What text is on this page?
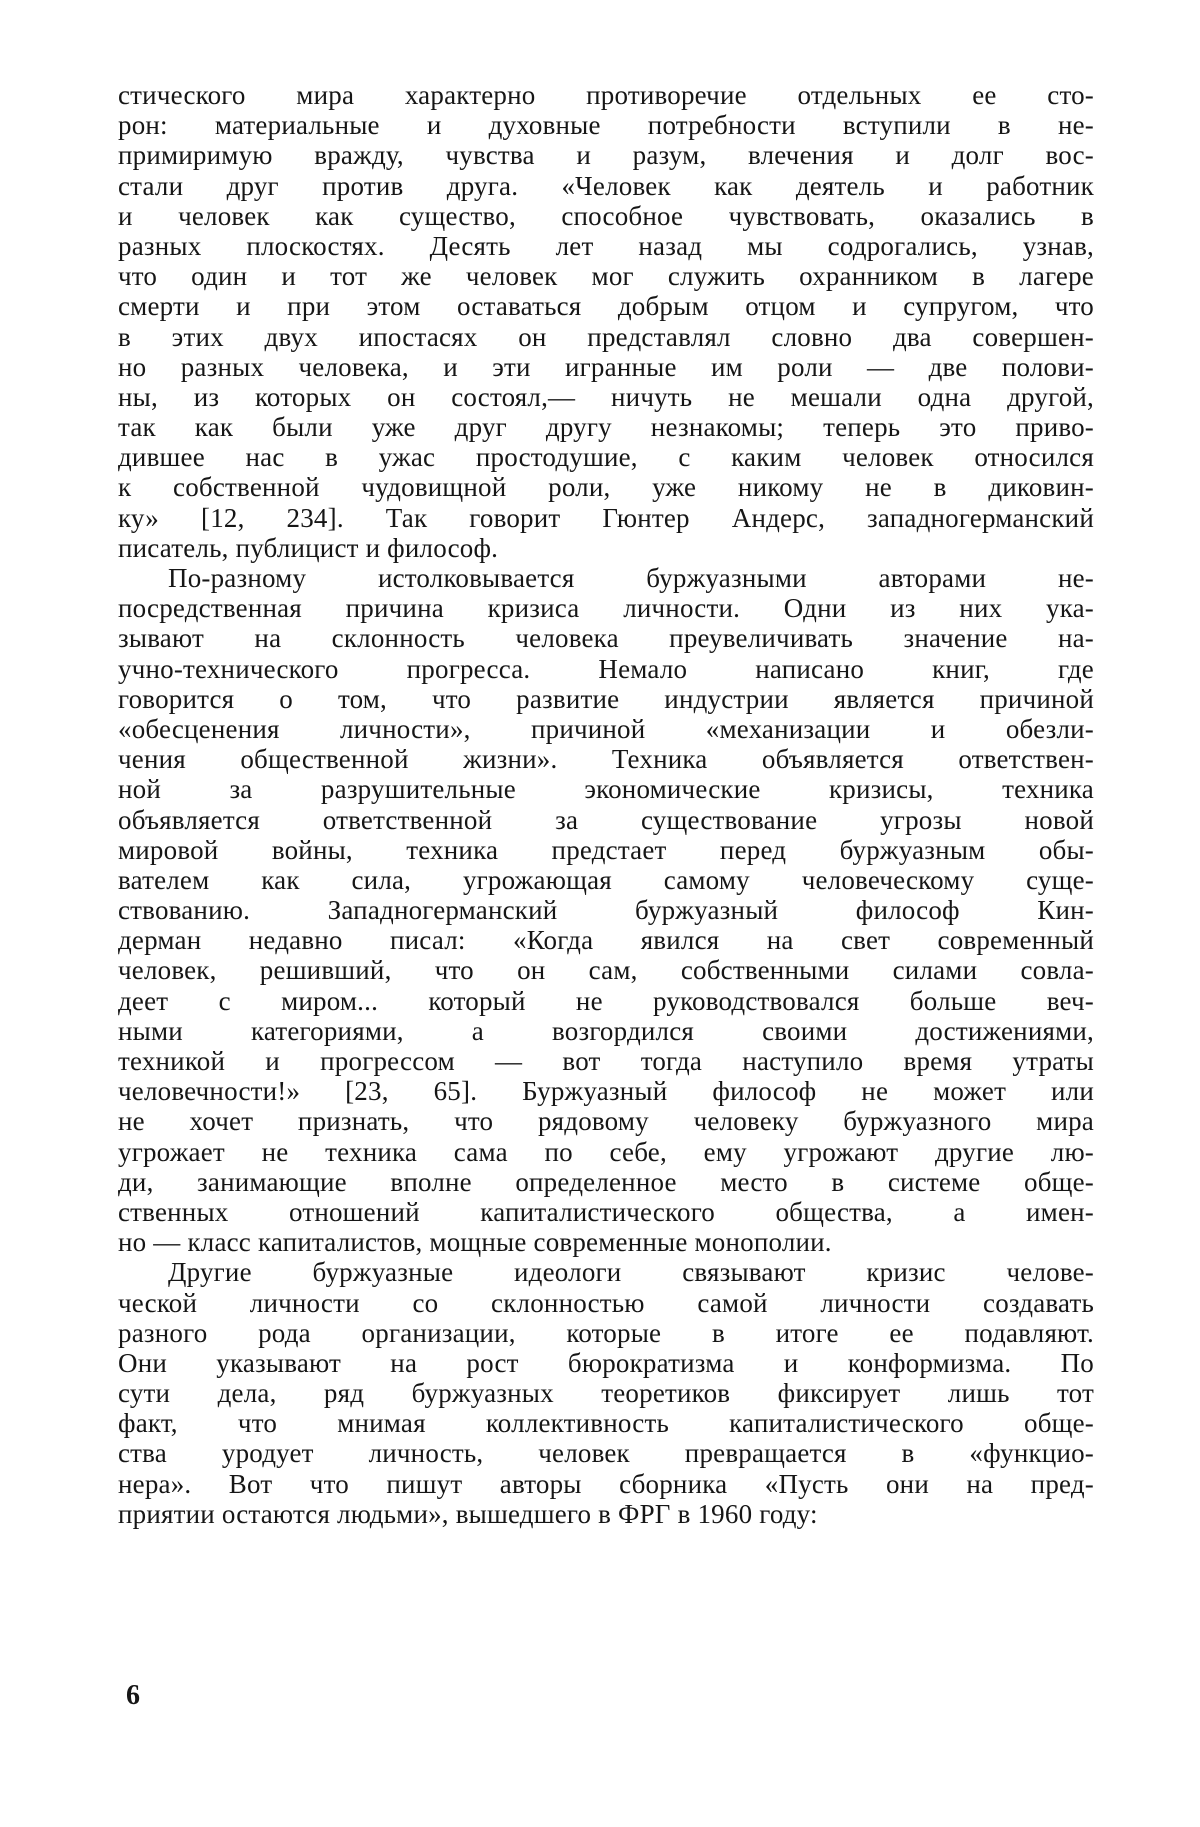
стического мира характерно противоречие отдельных ее сто-
рон: материальные и духовные потребности вступили в не-
примиримую вражду, чувства и разум, влечения и долг вос-
стали друг против друга. «Человек как деятель и работник
и человек как существо, способное чувствовать, оказались в
разных плоскостях. Десять лет назад мы содрогались, узнав,
что один и тот же человек мог служить охранником в лагере
смерти и при этом оставаться добрым отцом и супругом, что
в этих двух ипостасях он представлял словно два совершен-
но разных человека, и эти игранные им роли — две полови-
ны, из которых он состоял,— ничуть не мешали одна другой,
так как были уже друг другу незнакомы; теперь это приво-
дившее нас в ужас простодушие, с каким человек относился
к собственной чудовищной роли, уже никому не в диковин-
ку» [12, 234]. Так говорит Гюнтер Андерс, западногерманский
писатель, публицист и философ.
По-разному истолковывается буржуазными авторами не-
посредственная причина кризиса личности. Одни из них ука-
зывают на склонность человека преувеличивать значение на-
учно-технического прогресса. Немало написано книг, где
говорится о том, что развитие индустрии является причиной
«обесценения личности», причиной «механизации и обезли-
чения общественной жизни». Техника объявляется ответствен-
ной за разрушительные экономические кризисы, техника
объявляется ответственной за существование угрозы новой
мировой войны, техника предстает перед буржуазным обы-
вателем как сила, угрожающая самому человеческому суще-
ствованию. Западногерманский буржуазный философ Кин-
дерман недавно писал: «Когда явился на свет современный
человек, решивший, что он сам, собственными силами совла-
деет с миром... который не руководствовался больше веч-
ными категориями, а возгордился своими достижениями,
техникой и прогрессом — вот тогда наступило время утраты
человечности!» [23, 65]. Буржуазный философ не может или
не хочет признать, что рядовому человеку буржуазного мира
угрожает не техника сама по себе, ему угрожают другие лю-
ди, занимающие вполне определенное место в системе обще-
ственных отношений капиталистического общества, а имен-
но — класс капиталистов, мощные современные монополии.
Другие буржуазные идеологи связывают кризис челове-
ческой личности со склонностью самой личности создавать
разного рода организации, которые в итоге ее подавляют.
Они указывают на рост бюрократизма и конформизма. По
сути дела, ряд буржуазных теоретиков фиксирует лишь тот
факт, что мнимая коллективность капиталистического обще-
ства уродует личность, человек превращается в «функцио-
нера». Вот что пишут авторы сборника «Пусть они на пред-
приятии остаются людьми», вышедшего в ФРГ в 1960 году:
6
